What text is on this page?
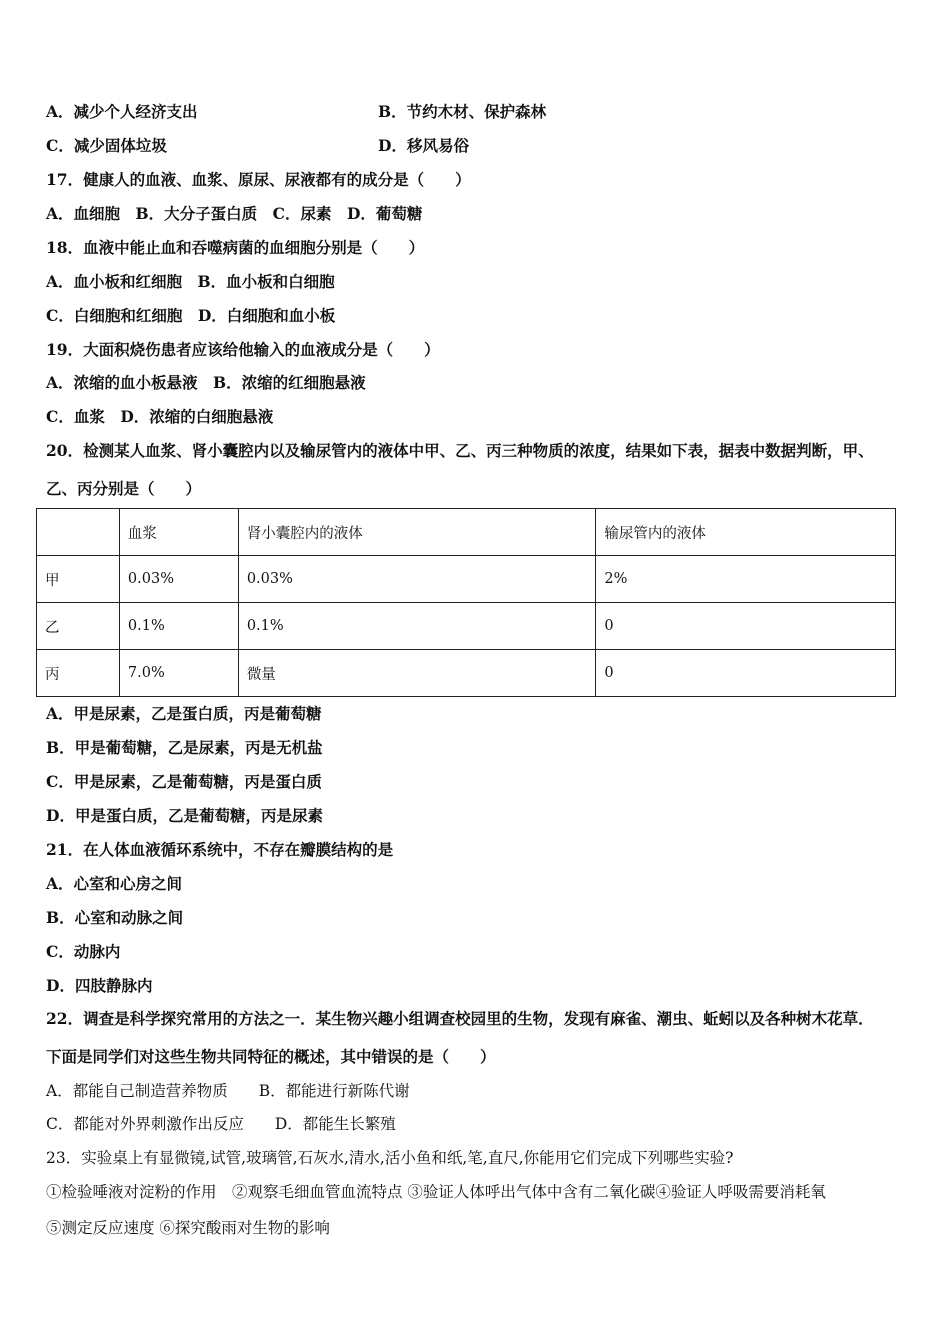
A．减少个人经济支出	B．节约木材、保护森林
C．减少固体垃圾	D．移风易俗
17．健康人的血液、血浆、原尿、尿液都有的成分是（　　）
A．血细胞　B．大分子蛋白质　C．尿素　D．葡萄糖
18．血液中能止血和吞噬病菌的血细胞分别是（　　）
A．血小板和红细胞　B．血小板和白细胞
C．白细胞和红细胞　D．白细胞和血小板
19．大面积烧伤患者应该给他输入的血液成分是（　　）
A．浓缩的血小板悬液　B．浓缩的红细胞悬液
C．血浆　D．浓缩的白细胞悬液
20．检测某人血浆、肾小囊腔内以及输尿管内的液体中甲、乙、丙三种物质的浓度，结果如下表，据表中数据判断，甲、
乙、丙分别是（　　）
	血浆	肾小囊腔内的液体	输尿管内的液体
甲	0.03%	0.03%	2%
乙	0.1%	0.1%	0
丙	7.0%	微量	0
A．甲是尿素，乙是蛋白质，丙是葡萄糖
B．甲是葡萄糖，乙是尿素，丙是无机盐
C．甲是尿素，乙是葡萄糖，丙是蛋白质
D．甲是蛋白质，乙是葡萄糖，丙是尿素
21．在人体血液循环系统中，不存在瓣膜结构的是
A．心室和心房之间
B．心室和动脉之间
C．动脉内
D．四肢静脉内
22．调查是科学探究常用的方法之一．某生物兴趣小组调查校园里的生物，发现有麻雀、潮虫、蚯蚓以及各种树木花草．
下面是同学们对这些生物共同特征的概述，其中错误的是（　　）
A．都能自己制造营养物质　　B．都能进行新陈代谢
C．都能对外界刺激作出反应　　D．都能生长繁殖
23．实验桌上有显微镜,试管,玻璃管,石灰水,清水,活小鱼和纸,笔,直尺,你能用它们完成下列哪些实验?
①检验唾液对淀粉的作用　②观察毛细血管血流特点 ③验证人体呼出气体中含有二氧化碳④验证人呼吸需要消耗氧
⑤测定反应速度 ⑥探究酸雨对生物的影响
